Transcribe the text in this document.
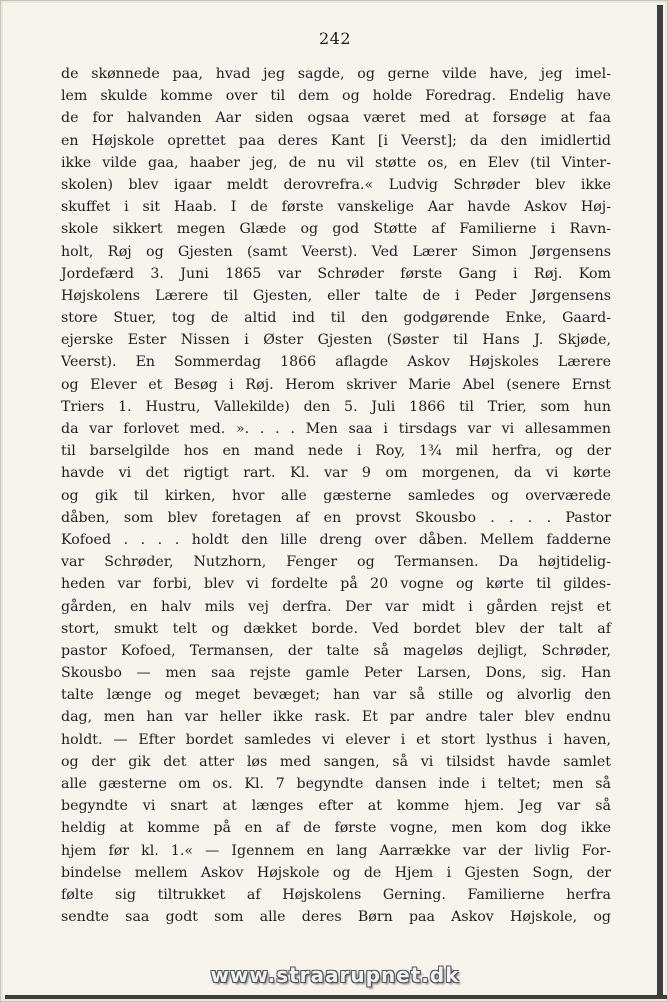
242
de skønnede paa, hvad jeg sagde, og gerne vilde have, jeg imel-
lem skulde komme over til dem og holde Foredrag. Endelig have
de for halvanden Aar siden ogsaa været med at forsøge at faa
en Højskole oprettet paa deres Kant [i Veerst]; da den imidlertid
ikke vilde gaa, haaber jeg, de nu vil støtte os, en Elev (til Vinter-
skolen) blev igaar meldt derovrefra.« Ludvig Schrøder blev ikke
skuffet i sit Haab. I de første vanskelige Aar havde Askov Høj-
skole sikkert megen Glæde og god Støtte af Familierne i Ravn-
holt, Røj og Gjesten (samt Veerst). Ved Lærer Simon Jørgensens
Jordefærd 3. Juni 1865 var Schrøder første Gang i Røj. Kom
Højskolens Lærere til Gjesten, eller talte de i Peder Jørgensens
store Stuer, tog de altid ind til den godgørende Enke, Gaard-
ejerske Ester Nissen i Øster Gjesten (Søster til Hans J. Skjøde,
Veerst). En Sommerdag 1866 aflagde Askov Højskoles Lærere
og Elever et Besøg i Røj. Herom skriver Marie Abel (senere Ernst
Triers 1. Hustru, Vallekilde) den 5. Juli 1866 til Trier, som hun
da var forlovet med. ». . . . Men saa i tirsdags var vi allesammen
til barselgilde hos en mand nede i Roy, 1¾ mil herfra, og der
havde vi det rigtigt rart. Kl. var 9 om morgenen, da vi kørte
og gik til kirken, hvor alle gæsterne samledes og overværede
dåben, som blev foretagen af en provst Skousbo . . . . Pastor
Kofoed . . . . holdt den lille dreng over dåben. Mellem fadderne
var Schrøder, Nutzhorn, Fenger og Termansen. Da højtidelig-
heden var forbi, blev vi fordelte på 20 vogne og kørte til gildes-
gården, en halv mils vej derfra. Der var midt i gården rejst et
stort, smukt telt og dækket borde. Ved bordet blev der talt af
pastor Kofoed, Termansen, der talte så mageløs dejligt, Schrøder,
Skousbo — men saa rejste gamle Peter Larsen, Dons, sig. Han
talte længe og meget bevæget; han var så stille og alvorlig den
dag, men han var heller ikke rask. Et par andre taler blev endnu
holdt. — Efter bordet samledes vi elever i et stort lysthus i haven,
og der gik det atter løs med sangen, så vi tilsidst havde samlet
alle gæsterne om os. Kl. 7 begyndte dansen inde i teltet; men så
begyndte vi snart at længes efter at komme hjem. Jeg var så
heldig at komme på en af de første vogne, men kom dog ikke
hjem før kl. 1.« — Igennem en lang Aarrække var der livlig For-
bindelse mellem Askov Højskole og de Hjem i Gjesten Sogn, der
følte sig tiltrukket af Højskolens Gerning. Familierne herfra
sendte saa godt som alle deres Børn paa Askov Højskole, og
www.straarupnet.dk
